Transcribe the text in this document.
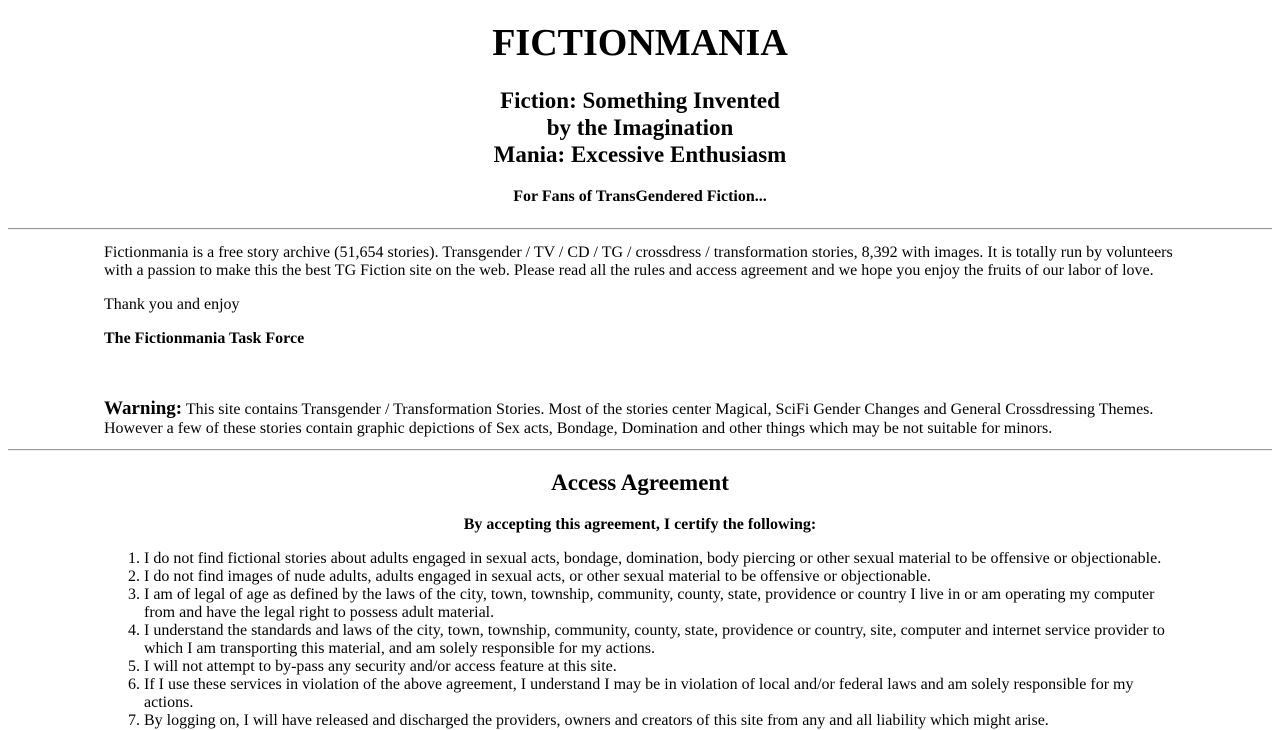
FICTIONMANIA
Fiction: Something Invented
by the Imagination
Mania: Excessive Enthusiasm
For Fans of TransGendered Fiction...
Fictionmania is a free story archive (51,654 stories). Transgender / TV / CD / TG / crossdress / transformation stories, 8,392 with images. It is totally run by volunteers with a passion to make this the best TG Fiction site on the web. Please read all the rules and access agreement and we hope you enjoy the fruits of our labor of love.
Thank you and enjoy
The Fictionmania Task Force
Warning: This site contains Transgender / Transformation Stories. Most of the stories center Magical, SciFi Gender Changes and General Crossdressing Themes.
However a few of these stories contain graphic depictions of Sex acts, Bondage, Domination and other things which may be not suitable for minors.
Access Agreement
By accepting this agreement, I certify the following:
1. I do not find fictional stories about adults engaged in sexual acts, bondage, domination, body piercing or other sexual material to be offensive or objectionable.
2. I do not find images of nude adults, adults engaged in sexual acts, or other sexual material to be offensive or objectionable.
3. I am of legal of age as defined by the laws of the city, town, township, community, county, state, providence or country I live in or am operating my computer from and have the legal right to possess adult material.
4. I understand the standards and laws of the city, town, township, community, county, state, providence or country, site, computer and internet service provider to which I am transporting this material, and am solely responsible for my actions.
5. I will not attempt to by-pass any security and/or access feature at this site.
6. If I use these services in violation of the above agreement, I understand I may be in violation of local and/or federal laws and am solely responsible for my actions.
7. By logging on, I will have released and discharged the providers, owners and creators of this site from any and all liability which might arise.
